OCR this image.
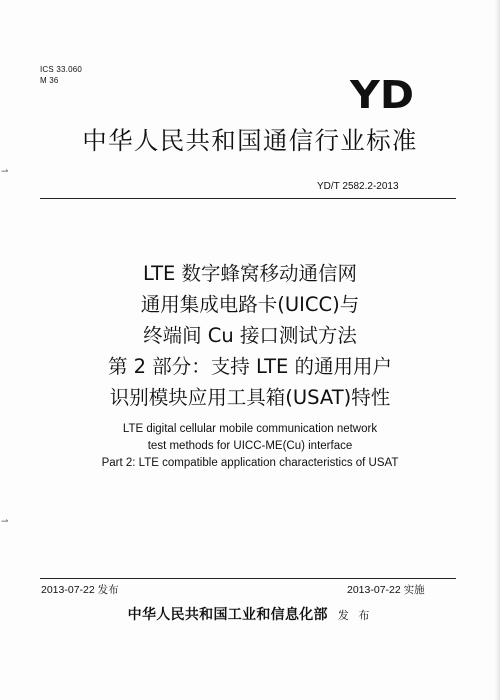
⇀
⇀
ICS 33.060
M 36	YD
中华人民共和国通信行业标准
YD/T 2582.2-2013
LTE 数字蜂窝移动通信网
通用集成电路卡(UICC)与
终端间 Cu 接口测试方法
第 2 部分：支持 LTE 的通用用户
识别模块应用工具箱(USAT)特性
LTE digital cellular mobile communication network
test methods for UICC-ME(Cu) interface
Part 2: LTE compatible application characteristics of USAT
2013-07-22 发布	2013-07-22 实施
中华人民共和国工业和信息化部 发 布
